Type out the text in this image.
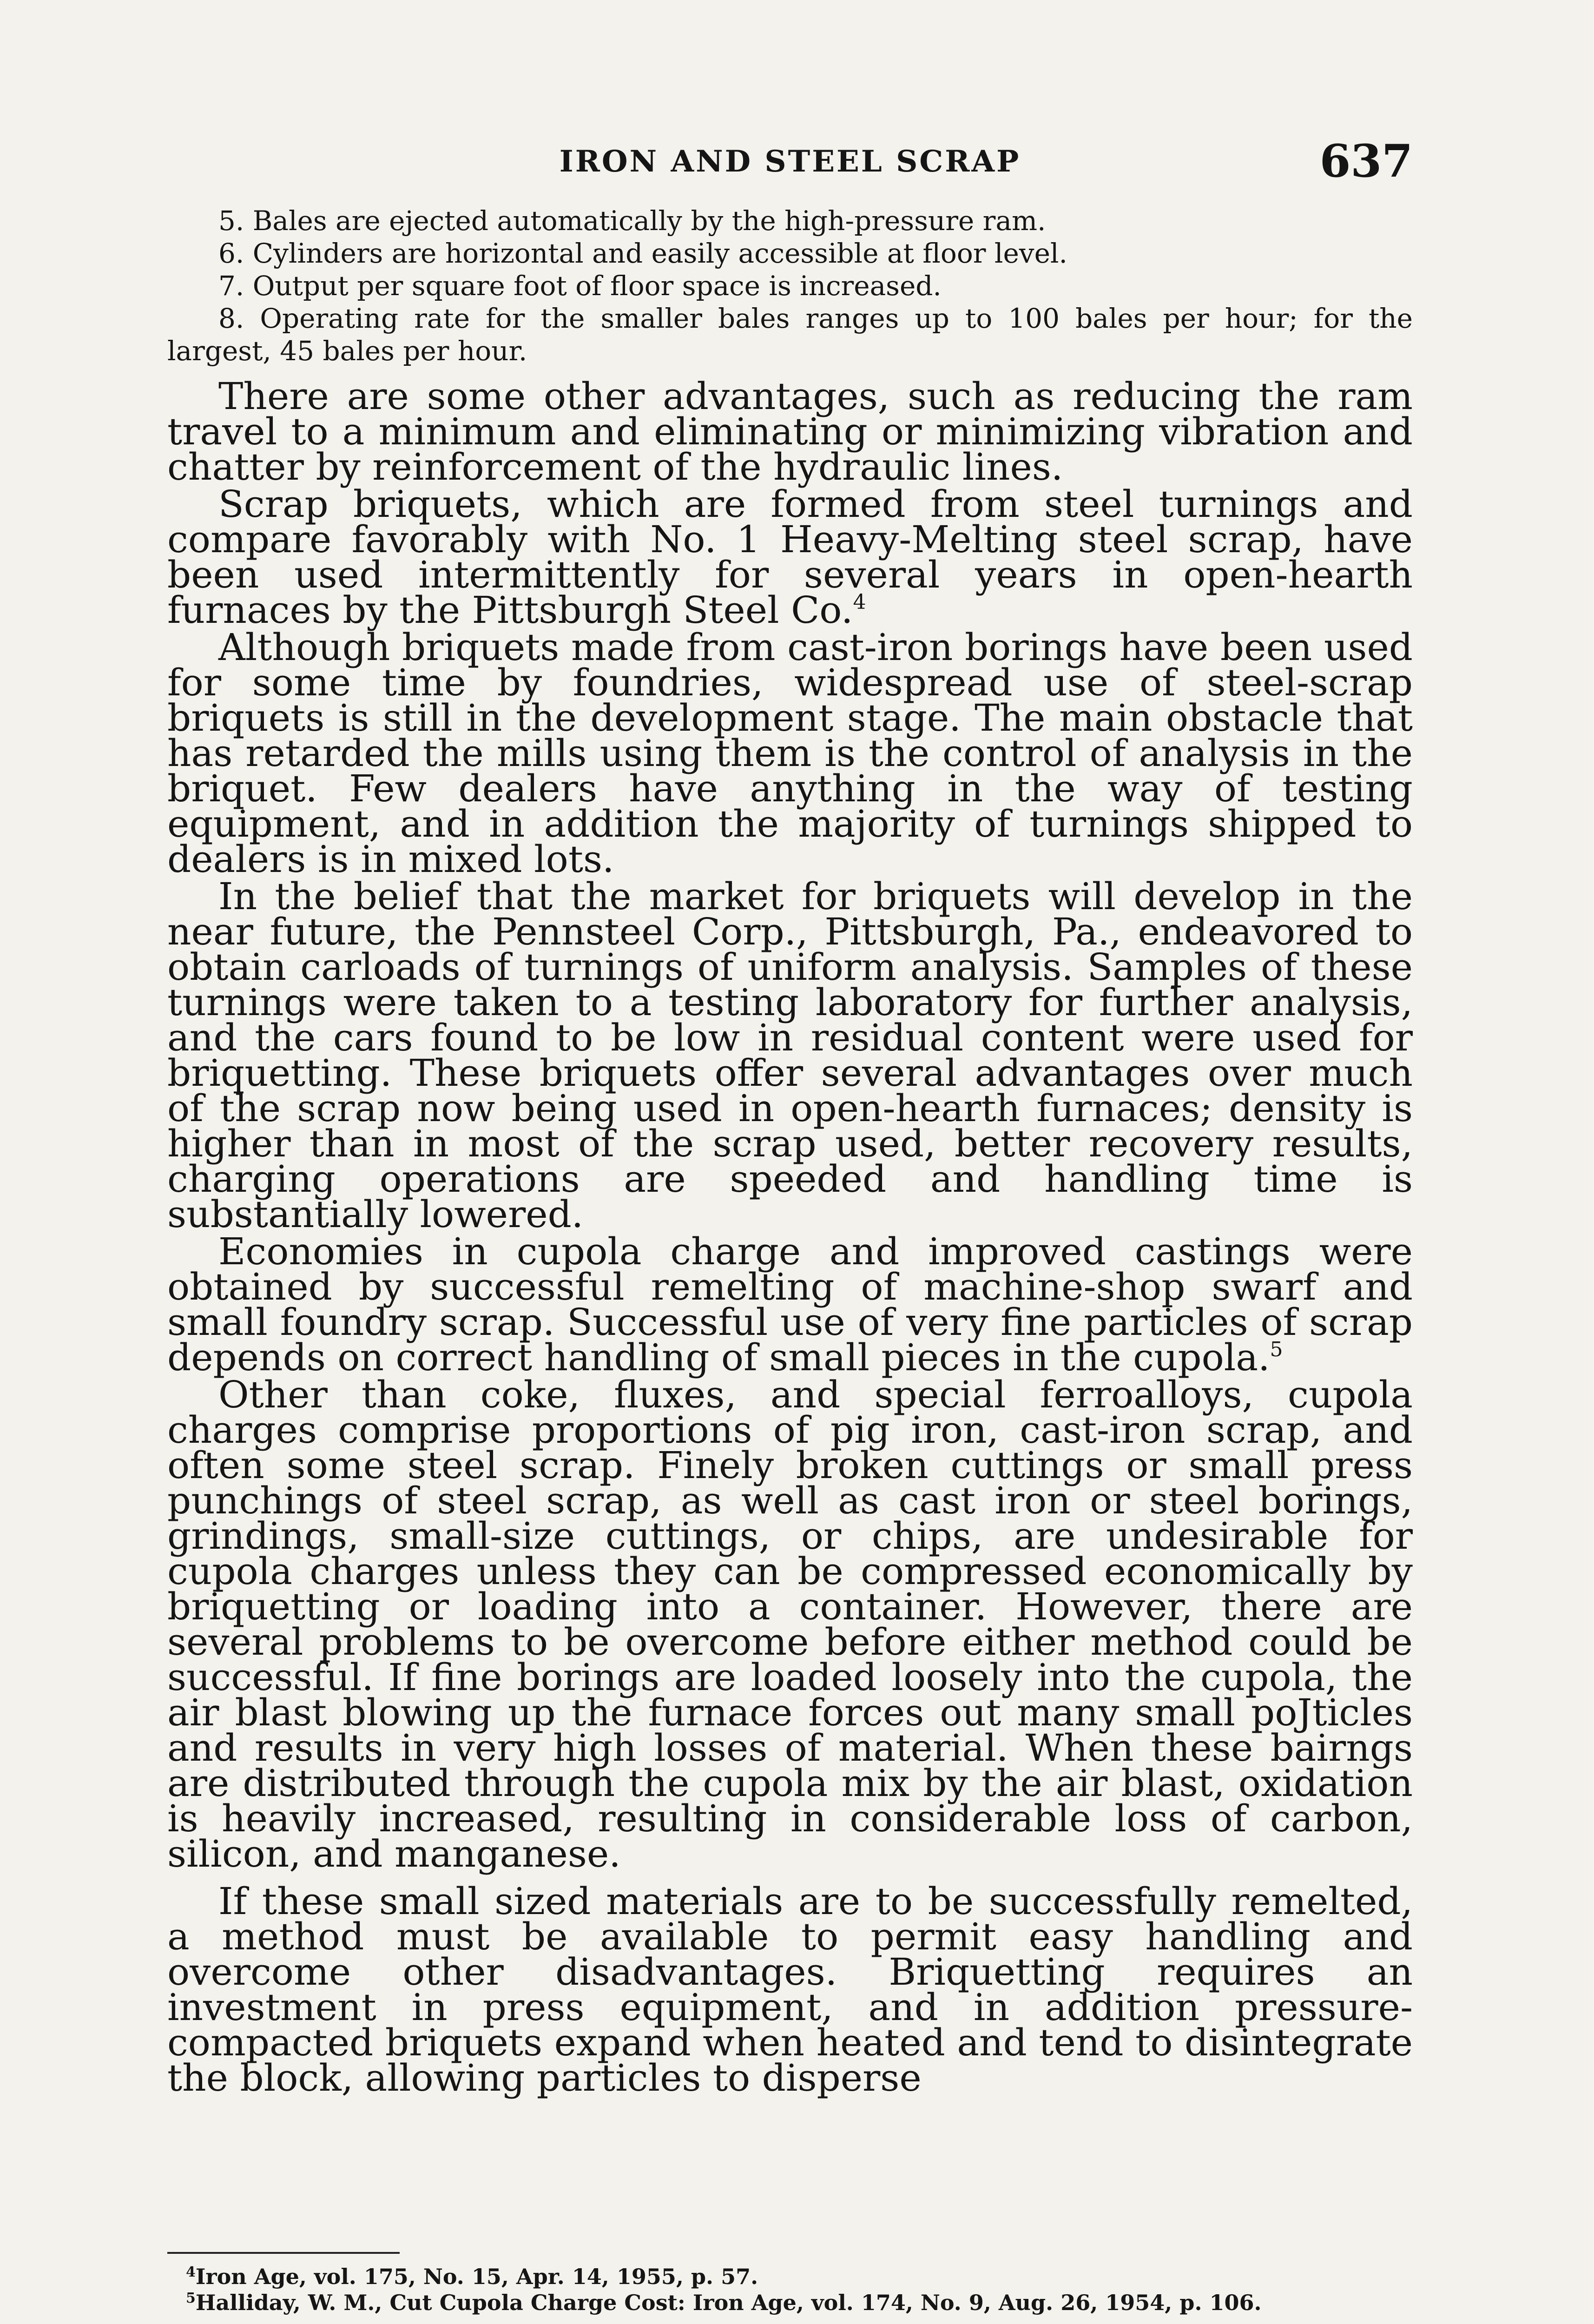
IRON AND STEEL SCRAP	637
5. Bales are ejected automatically by the high-pressure ram.
6. Cylinders are horizontal and easily accessible at floor level.
7. Output per square foot of floor space is increased.
8. Operating rate for the smaller bales ranges up to 100 bales per hour; for the largest, 45 bales per hour.

There are some other advantages, such as reducing the ram travel to a minimum and eliminating or minimizing vibration and chatter by reinforcement of the hydraulic lines.

Scrap briquets, which are formed from steel turnings and compare favorably with No. 1 Heavy-Melting steel scrap, have been used intermittently for several years in open-hearth furnaces by the Pittsburgh Steel Co.$^4$

Although briquets made from cast-iron borings have been used for some time by foundries, widespread use of steel-scrap briquets is still in the development stage. The main obstacle that has retarded the mills using them is the control of analysis in the briquet. Few dealers have anything in the way of testing equipment, and in addition the majority of turnings shipped to dealers is in mixed lots.

In the belief that the market for briquets will develop in the near future, the Pennsteel Corp., Pittsburgh, Pa., endeavored to obtain carloads of turnings of uniform analysis. Samples of these turnings were taken to a testing laboratory for further analysis, and the cars found to be low in residual content were used for briquetting. These briquets offer several advantages over much of the scrap now being used in open-hearth furnaces; density is higher than in most of the scrap used, better recovery results, charging operations are speeded and handling time is substantially lowered.

Economies in cupola charge and improved castings were obtained by successful remelting of machine-shop swarf and small foundry scrap. Successful use of very fine particles of scrap depends on correct handling of small pieces in the cupola.$^5$

Other than coke, fluxes, and special ferroalloys, cupola charges comprise proportions of pig iron, cast-iron scrap, and often some steel scrap. Finely broken cuttings or small press punchings of steel scrap, as well as cast iron or steel borings, grindings, small-size cuttings, or chips, are undesirable for cupola charges unless they can be compressed economically by briquetting or loading into a container. However, there are several problems to be overcome before either method could be successful. If fine borings are loaded loosely into the cupola, the air blast blowing up the furnace forces out many small poJticles and results in very high losses of material. When these bairngs are distributed through the cupola mix by the air blast, oxidation is heavily increased, resulting in considerable loss of carbon, silicon, and manganese.

If these small sized materials are to be successfully remelted, a method must be available to permit easy handling and overcome other disadvantages. Briquetting requires an investment in press equipment, and in addition pressure-compacted briquets expand when heated and tend to disintegrate the block, allowing particles to disperse

$^4$Iron Age, vol. 175, No. 15, Apr. 14, 1955, p. 57.
$^5$Halliday, W. M., Cut Cupola Charge Cost: Iron Age, vol. 174, No. 9, Aug. 26, 1954, p. 106.
